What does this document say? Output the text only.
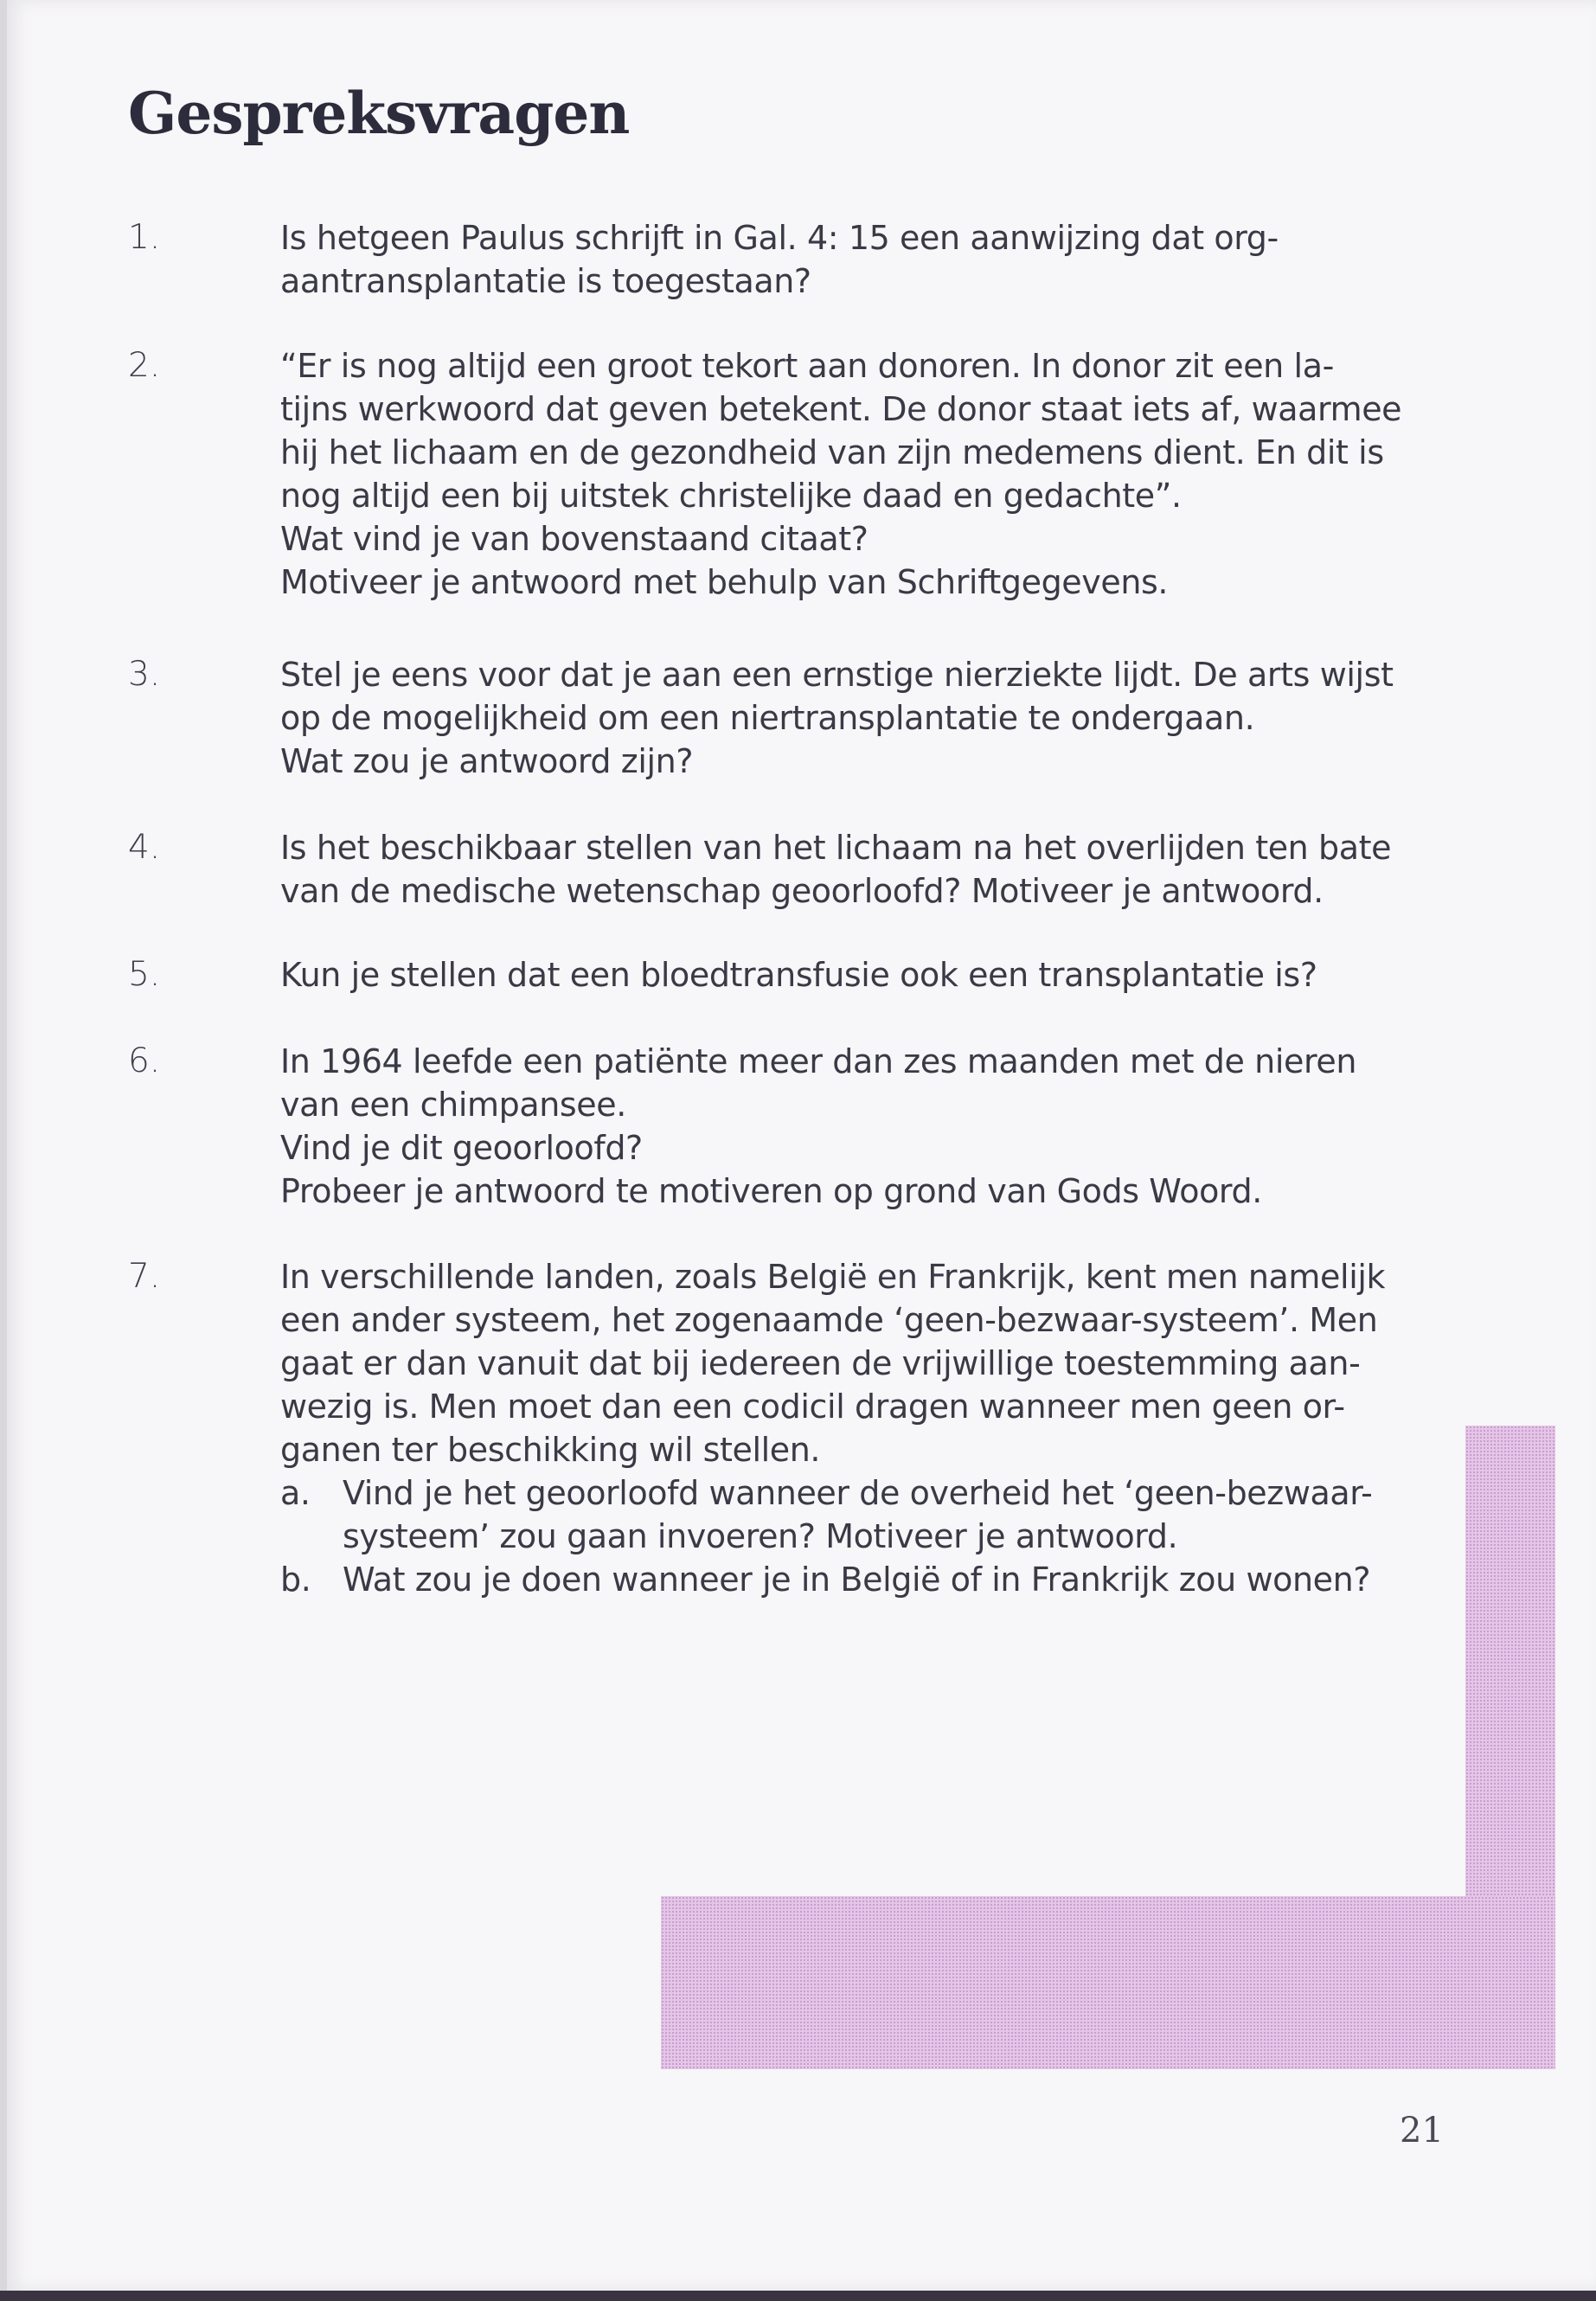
Gespreksvragen
1.	Is hetgeen Paulus schrijft in Gal. 4: 15 een aanwijzing dat org-
aantransplantatie is toegestaan?
2.	“Er is nog altijd een groot tekort aan donoren. In donor zit een la-
tijns werkwoord dat geven betekent. De donor staat iets af, waarmee
hij het lichaam en de gezondheid van zijn medemens dient. En dit is
nog altijd een bij uitstek christelijke daad en gedachte”.
Wat vind je van bovenstaand citaat?
Motiveer je antwoord met behulp van Schriftgegevens.
3.	Stel je eens voor dat je aan een ernstige nierziekte lijdt. De arts wijst
op de mogelijkheid om een niertransplantatie te ondergaan.
Wat zou je antwoord zijn?
4.	Is het beschikbaar stellen van het lichaam na het overlijden ten bate
van de medische wetenschap geoorloofd? Motiveer je antwoord.
5.	Kun je stellen dat een bloedtransfusie ook een transplantatie is?
6.	In 1964 leefde een patiënte meer dan zes maanden met de nieren
van een chimpansee.
Vind je dit geoorloofd?
Probeer je antwoord te motiveren op grond van Gods Woord.
7.	In verschillende landen, zoals België en Frankrijk, kent men namelijk
een ander systeem, het zogenaamde ‘geen-bezwaar-systeem’. Men
gaat er dan vanuit dat bij iedereen de vrijwillige toestemming aan-
wezig is. Men moet dan een codicil dragen wanneer men geen or-
ganen ter beschikking wil stellen.
a. Vind je het geoorloofd wanneer de overheid het ‘geen-bezwaar-
systeem’ zou gaan invoeren? Motiveer je antwoord.
b. Wat zou je doen wanneer je in België of in Frankrijk zou wonen?
21
